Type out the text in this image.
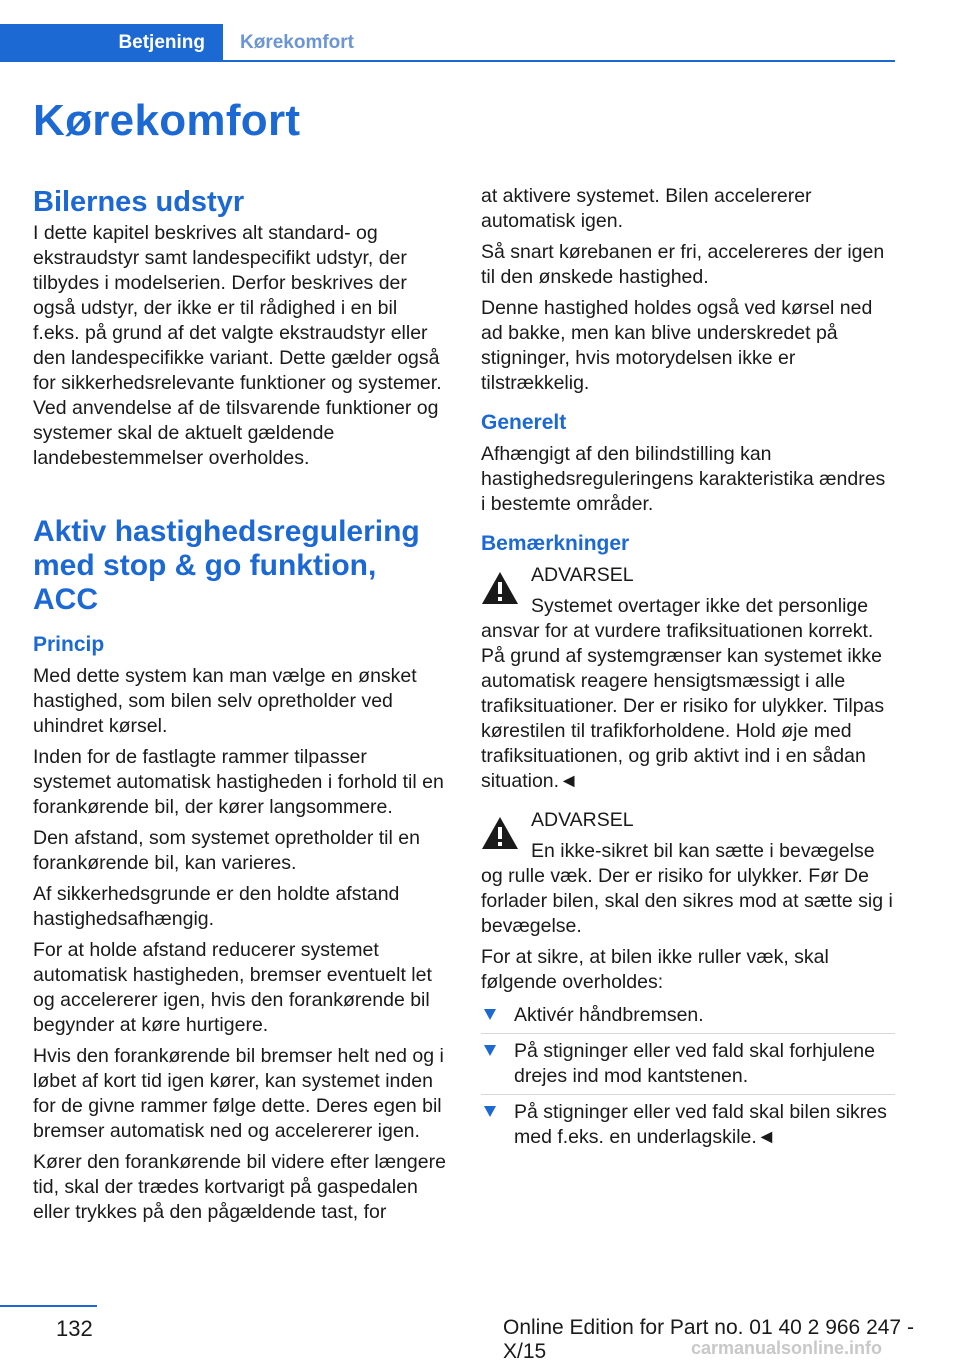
Betjening	Kørekomfort
Kørekomfort
Bilernes udstyr

I dette kapitel beskrives alt standard- og ekstraudstyr samt landespecifikt udstyr, der tilbydes i modelserien. Derfor beskrives der også udstyr, der ikke er til rådighed i en bil f.eks. på grund af det valgte ekstraudstyr eller den landespecifikke variant. Dette gælder også for sikkerhedsrelevante funktioner og systemer. Ved anvendelse af de tilsvarende funktioner og systemer skal de aktuelt gældende landebestemmelser overholdes.

Aktiv hastighedsregulering med stop & go funktion, ACC
Princip

Med dette system kan man vælge en ønsket hastighed, som bilen selv opretholder ved uhindret kørsel.

Inden for de fastlagte rammer tilpasser systemet automatisk hastigheden i forhold til en forankørende bil, der kører langsommere.

Den afstand, som systemet opretholder til en forankørende bil, kan varieres.

Af sikkerhedsgrunde er den holdte afstand hastighedsafhængig.

For at holde afstand reducerer systemet automatisk hastigheden, bremser eventuelt let og accelererer igen, hvis den forankørende bil begynder at køre hurtigere.

Hvis den forankørende bil bremser helt ned og i løbet af kort tid igen kører, kan systemet inden for de givne rammer følge dette. Deres egen bil bremser automatisk ned og accelererer igen.

Kører den forankørende bil videre efter længere tid, skal der trædes kortvarigt på gaspedalen eller trykkes på den pågældende tast, for

at aktivere systemet. Bilen accelererer automatisk igen.

Så snart kørebanen er fri, accelereres der igen til den ønskede hastighed.

Denne hastighed holdes også ved kørsel ned ad bakke, men kan blive underskredet på stigninger, hvis motorydelsen ikke er tilstrækkelig.

Generelt

Afhængigt af den bilindstilling kan hastighedsreguleringens karakteristika ændres i bestemte områder.

Bemærkninger

ADVARSEL

Systemet overtager ikke det personlige
ansvar for at vurdere trafiksituationen korrekt. På grund af systemgrænser kan systemet ikke automatisk reagere hensigtsmæssigt i alle trafiksituationer. Der er risiko for ulykker. Tilpas kørestilen til trafikforholdene. Hold øje med trafiksituationen, og grib aktivt ind i en sådan situation.◄

ADVARSEL

En ikke-sikret bil kan sætte i bevægelse
og rulle væk. Der er risiko for ulykker. Før De forlader bilen, skal den sikres mod at sætte sig i bevægelse.

For at sikre, at bilen ikke ruller væk, skal følgende overholdes:

Aktivér håndbremsen.
På stigninger eller ved fald skal forhjulene drejes ind mod kantstenen.
På stigninger eller ved fald skal bilen sikres med f.eks. en underlagskile.◄
132	Online Edition for Part no. 01 40 2 966 247 - X/15	carmanualsonline.info
